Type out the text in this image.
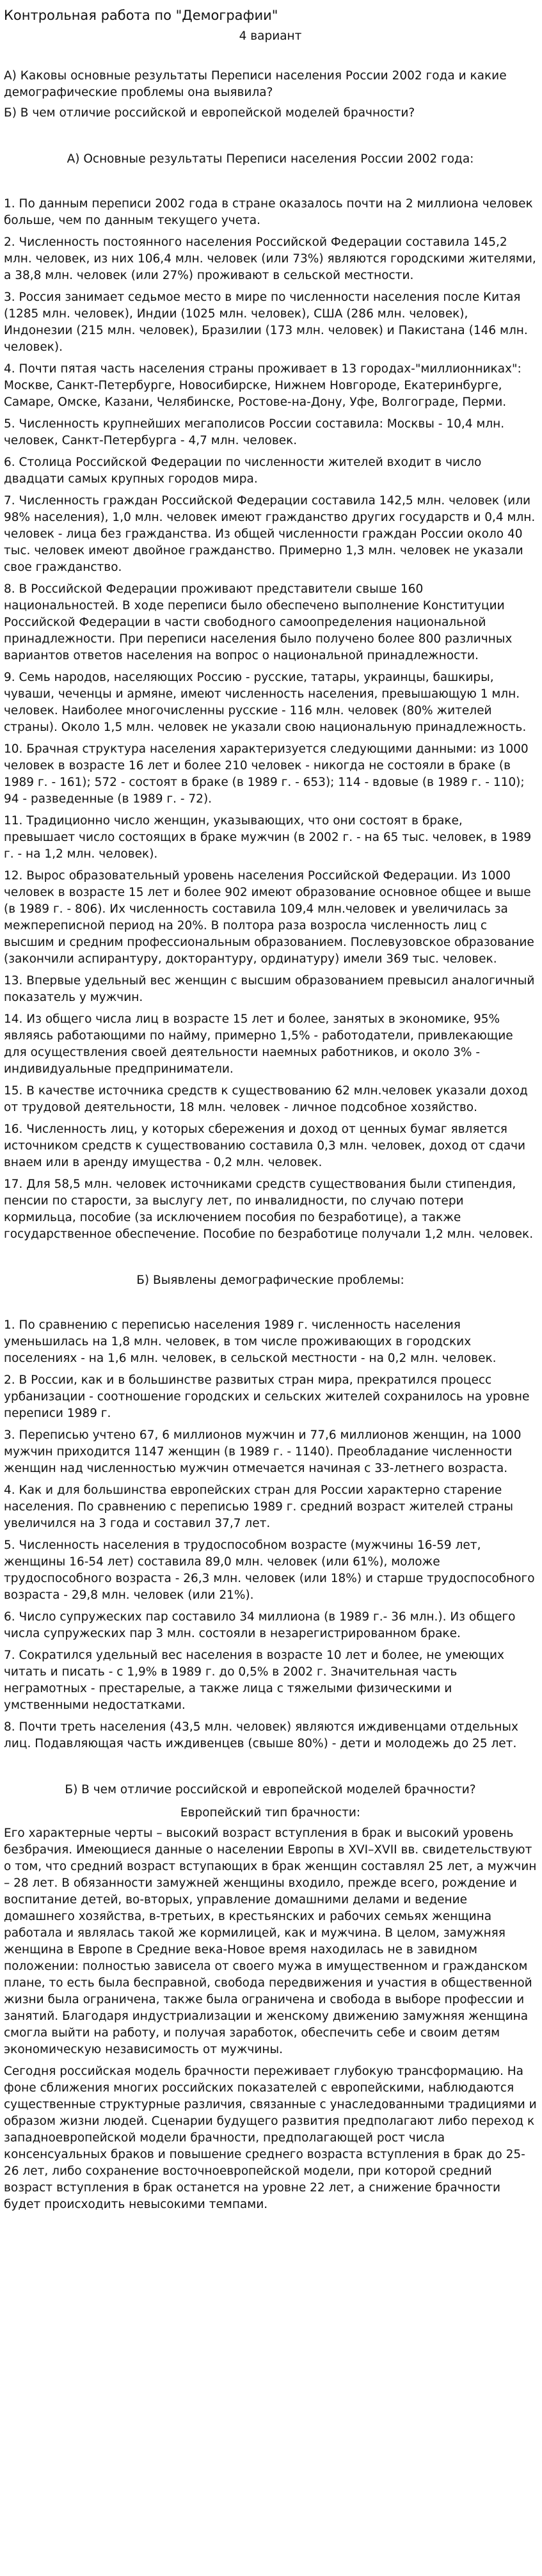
Контрольная работа по "Демографии"
4 вариант

А) Каковы основные результаты Переписи населения России 2002 года и какие демографические проблемы она выявила?

Б) В чем отличие российской и европейской моделей брачности?

А) Основные результаты Переписи населения России 2002 года:

1. По данным переписи 2002 года в стране оказалось почти на 2 миллиона человек больше, чем по данным текущего учета.

2. Численность постоянного населения Российской Федерации составила 145,2 млн. человек, из них 106,4 млн. человек (или 73%) являются городскими жителями, а 38,8 млн. человек (или 27%) проживают в сельской местности.

3. Россия занимает седьмое место в мире по численности населения после Китая (1285 млн. человек), Индии (1025 млн. человек), США (286 млн. человек), Индонезии (215 млн. человек), Бразилии (173 млн. человек) и Пакистана (146 млн. человек).

4. Почти пятая часть населения страны проживает в 13 городах-"миллионниках": Москве, Санкт-Петербурге, Новосибирске, Нижнем Новгороде, Екатеринбурге, Самаре, Омске, Казани, Челябинске, Ростове-на-Дону, Уфе, Волгограде, Перми.

5. Численность крупнейших мегаполисов России составила: Москвы - 10,4 млн. человек, Санкт-Петербурга - 4,7 млн. человек.

6. Столица Российской Федерации по численности жителей входит в число двадцати самых крупных городов мира.

7. Численность граждан Российской Федерации составила 142,5 млн. человек (или 98% населения), 1,0 млн. человек имеют гражданство других государств и 0,4 млн. человек - лица без гражданства. Из общей численности граждан России около 40 тыс. человек имеют двойное гражданство. Примерно 1,3 млн. человек не указали свое гражданство.

8. В Российской Федерации проживают представители свыше 160 национальностей. В ходе переписи было обеспечено выполнение Конституции Российской Федерации в части свободного самоопределения национальной принадлежности. При переписи населения было получено более 800 различных вариантов ответов населения на вопрос о национальной принадлежности.

9. Семь народов, населяющих Россию - русские, татары, украинцы, башкиры, чуваши, чеченцы и армяне, имеют численность населения, превышающую 1 млн. человек. Наиболее многочисленны русские - 116 млн. человек (80% жителей страны). Около 1,5 млн. человек не указали свою национальную принадлежность.

10. Брачная структура населения характеризуется следующими данными: из 1000 человек в возрасте 16 лет и более 210 человек - никогда не состояли в браке (в 1989 г. - 161); 572 - состоят в браке (в 1989 г. - 653); 114 - вдовые (в 1989 г. - 110); 94 - разведенные (в 1989 г. - 72).

11. Традиционно число женщин, указывающих, что они состоят в браке, превышает число состоящих в браке мужчин (в 2002 г. - на 65 тыс. человек, в 1989 г. - на 1,2 млн. человек).

12. Вырос образовательный уровень населения Российской Федерации. Из 1000 человек в возрасте 15 лет и более 902 имеют образование основное общее и выше (в 1989 г. - 806). Их численность составила 109,4 млн.человек и увеличилась за межпереписной период на 20%. В полтора раза возросла численность лиц с высшим и средним профессиональным образованием. Послевузовское образование (закончили аспирантуру, докторантуру, ординатуру) имели 369 тыс. человек.

13. Впервые удельный вес женщин с высшим образованием превысил аналогичный показатель у мужчин.

14. Из общего числа лиц в возрасте 15 лет и более, занятых в экономике, 95% являясь работающими по найму, примерно 1,5% - работодатели, привлекающие для осуществления своей деятельности наемных работников, и около 3% - индивидуальные предприниматели.

15. В качестве источника средств к существованию 62 млн.человек указали доход от трудовой деятельности, 18 млн. человек - личное подсобное хозяйство.

16. Численность лиц, у которых сбережения и доход от ценных бумаг является источником средств к существованию составила 0,3 млн. человек, доход от сдачи внаем или в аренду имущества - 0,2 млн. человек.

17. Для 58,5 млн. человек источниками средств существования были стипендия, пенсии по старости, за выслугу лет, по инвалидности, по случаю потери кормильца, пособие (за исключением пособия по безработице), а также государственное обеспечение. Пособие по безработице получали 1,2 млн. человек.

Б) Выявлены демографические проблемы:

1. По сравнению с переписью населения 1989 г. численность населения уменьшилась на 1,8 млн. человек, в том числе проживающих в городских поселениях - на 1,6 млн. человек, в сельской местности - на 0,2 млн. человек.

2. В России, как и в большинстве развитых стран мира, прекратился процесс урбанизации - соотношение городских и сельских жителей сохранилось на уровне переписи 1989 г.

3. Переписью учтено 67, 6 миллионов мужчин и 77,6 миллионов женщин, на 1000 мужчин приходится 1147 женщин (в 1989 г. - 1140). Преобладание численности женщин над численностью мужчин отмечается начиная с 33-летнего возраста.

4. Как и для большинства европейских стран для России характерно старение населения. По сравнению с переписью 1989 г. средний возраст жителей страны увеличился на 3 года и составил 37,7 лет.

5. Численность населения в трудоспособном возрасте (мужчины 16-59 лет, женщины 16-54 лет) составила 89,0 млн. человек (или 61%), моложе трудоспособного возраста - 26,3 млн. человек (или 18%) и старше трудоспособного возраста - 29,8 млн. человек (или 21%).

6. Число супружеских пар составило 34 миллиона (в 1989 г.- 36 млн.). Из общего числа супружеских пар 3 млн. состояли в незарегистрированном браке.

7. Сократился удельный вес населения в возрасте 10 лет и более, не умеющих читать и писать - с 1,9% в 1989 г. до 0,5% в 2002 г. Значительная часть неграмотных - престарелые, а также лица с тяжелыми физическими и умственными недостатками.

8. Почти треть населения (43,5 млн. человек) являются иждивенцами отдельных лиц. Подавляющая часть иждивенцев (свыше 80%) - дети и молодежь до 25 лет.

Б) В чем отличие российской и европейской моделей брачности?
Европейский тип брачности:

Его характерные черты – высокий возраст вступления в брак и высокий уровень безбрачия. Имеющиеся данные о населении Европы в XVI–XVII вв. свидетельствуют о том, что средний возраст вступающих в брак женщин составлял 25 лет, а мужчин – 28 лет. В обязанности замужней женщины входило, прежде всего, рождение и воспитание детей, во-вторых, управление домашними делами и ведение домашнего хозяйства, в-третьих, в крестьянских и рабочих семьях женщина работала и являлась такой же кормилицей, как и мужчина. В целом, замужняя женщина в Европе в Средние века-Новое время находилась не в завидном положении: полностью зависела от своего мужа в имущественном и гражданском плане, то есть была бесправной, свобода передвижения и участия в общественной жизни была ограничена, также была ограничена и свобода в выборе профессии и занятий. Благодаря индустриализации и женскому движению замужняя женщина смогла выйти на работу, и получая заработок, обеспечить себе и своим детям экономическую независимость от мужчины.

Сегодня российская модель брачности переживает глубокую трансформацию. На фоне сближения многих российских показателей с европейскими, наблюдаются существенные структурные различия, связанные с унаследованными традициями и образом жизни людей. Сценарии будущего развития предполагают либо переход к западноевропейской модели брачности, предполагающей рост числа консенсуальных браков и повышение среднего возраста вступления в брак до 25-26 лет, либо сохранение восточноевропейской модели, при которой средний возраст вступления в брак останется на уровне 22 лет, а снижение брачности будет происходить невысокими темпами.
